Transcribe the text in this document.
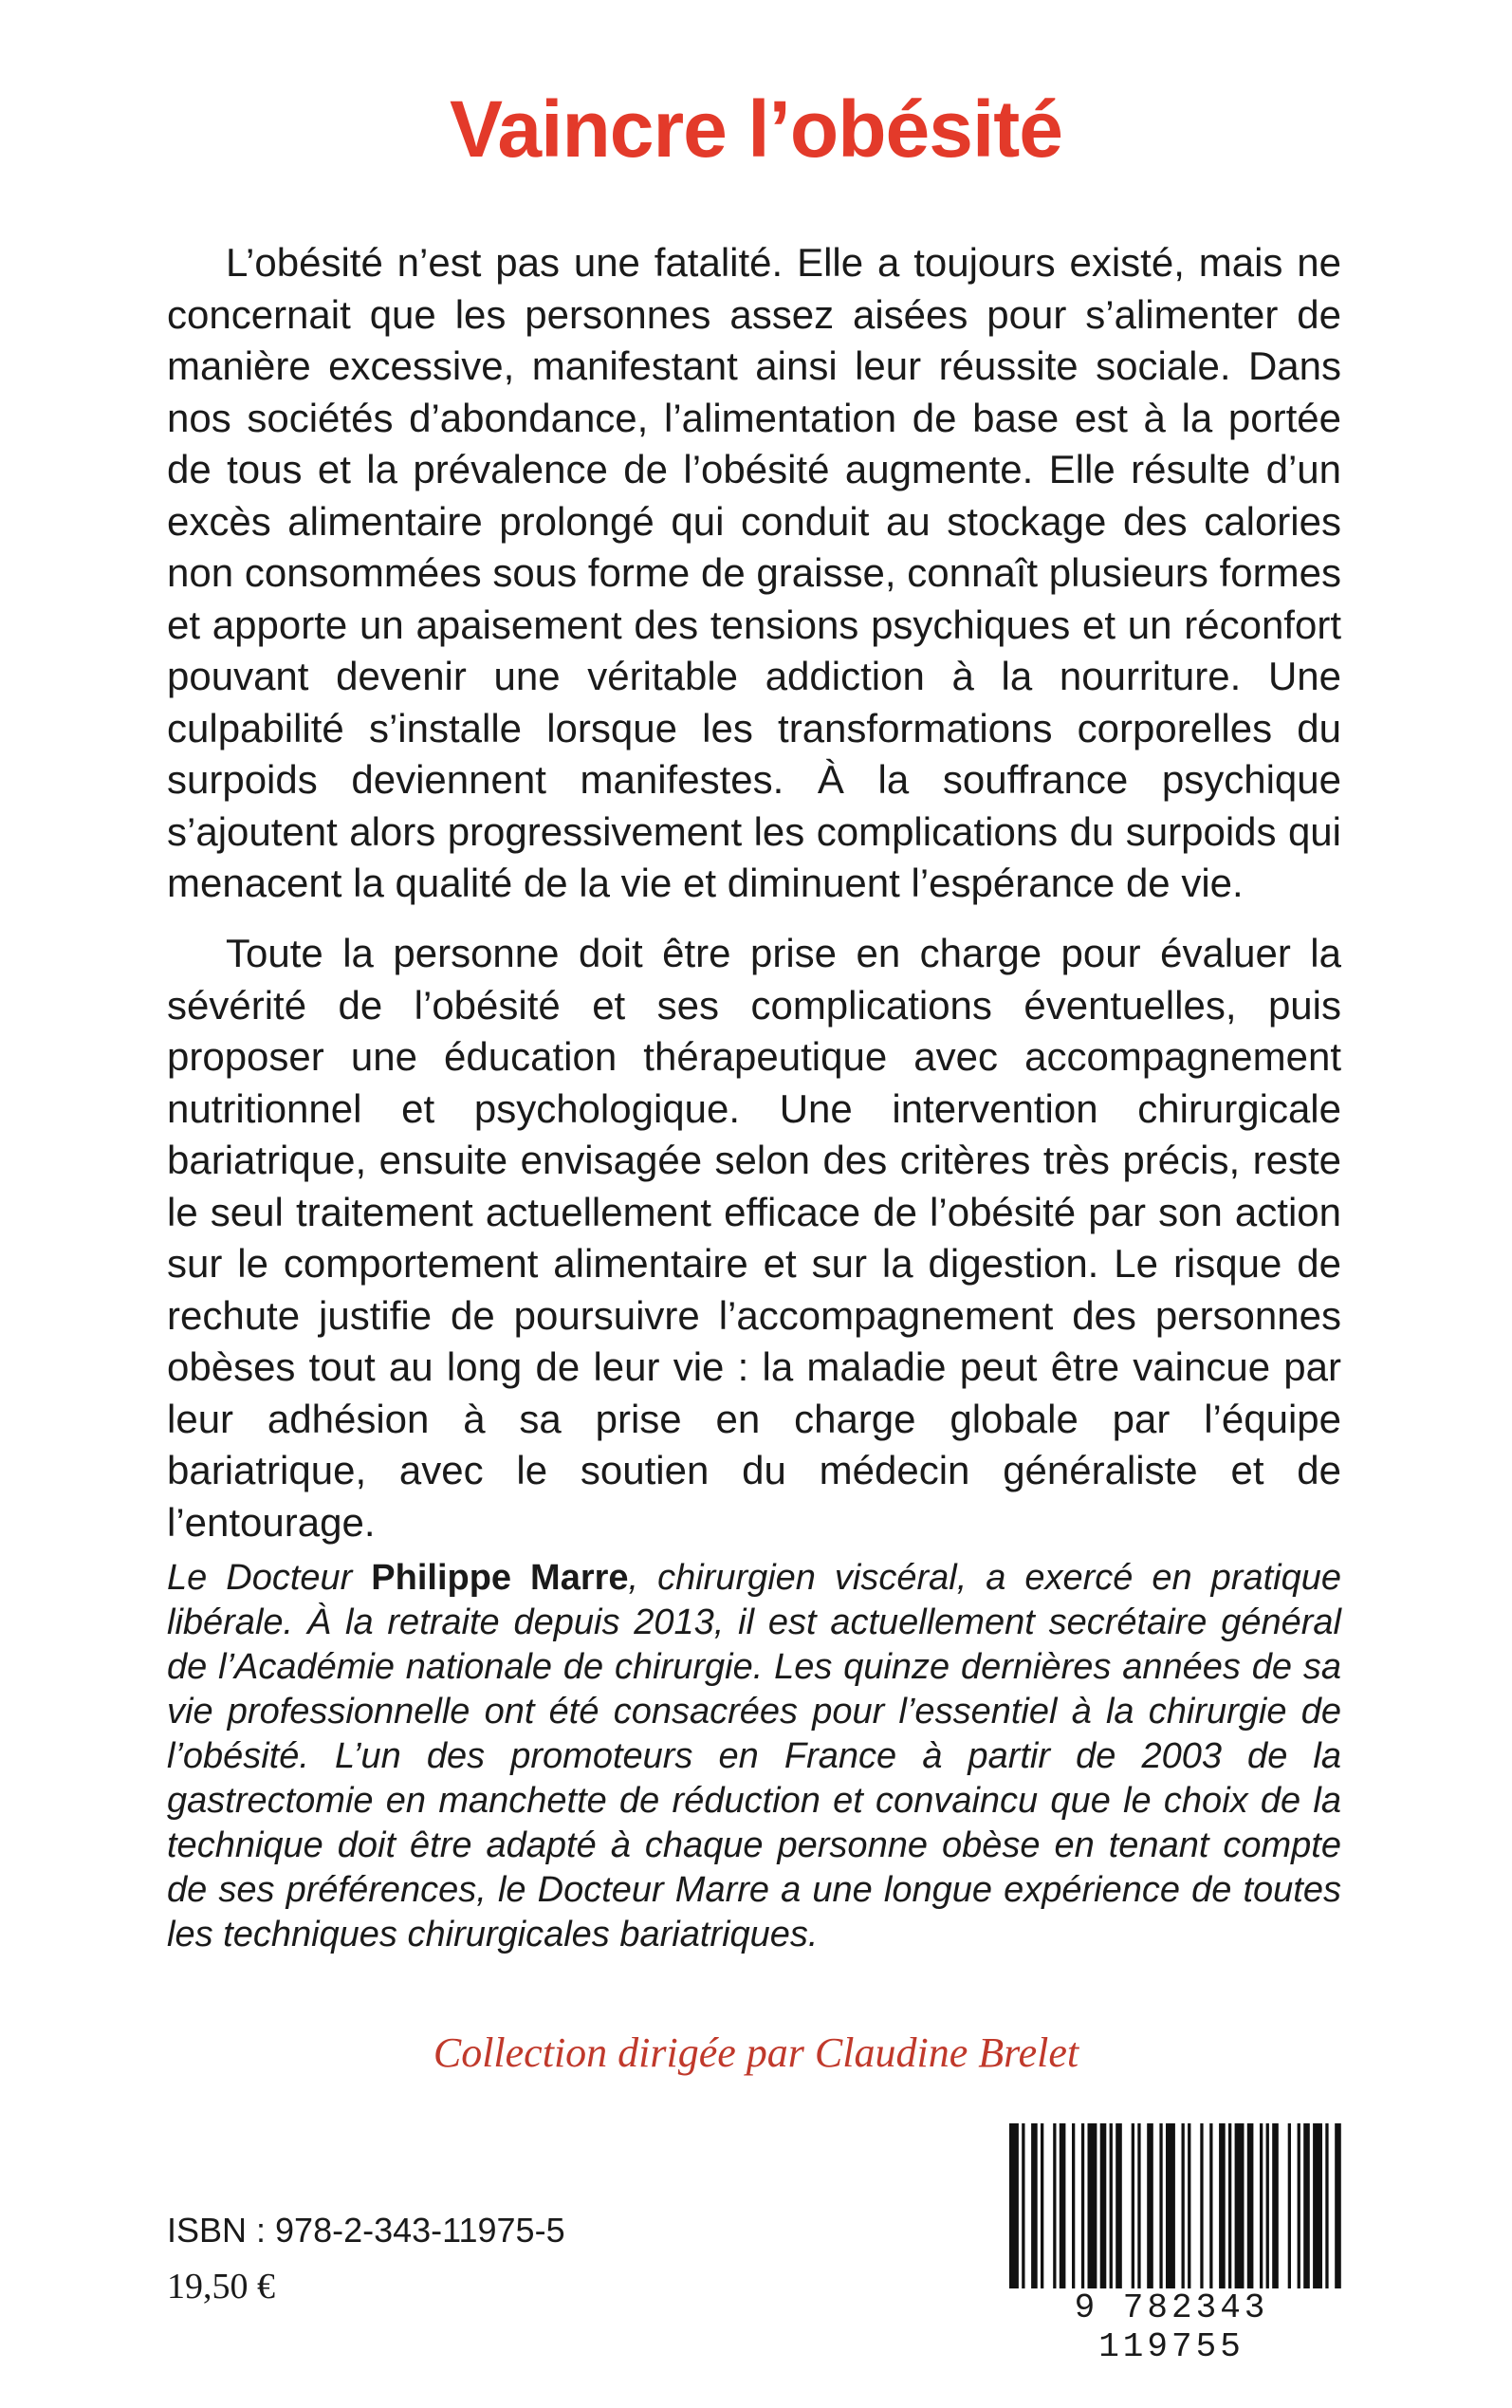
Vaincre l’obésité

L’obésité n’est pas une fatalité. Elle a toujours existé, mais ne concernait que les personnes assez aisées pour s’alimenter de manière excessive, manifestant ainsi leur réussite sociale. Dans nos sociétés d’abondance, l’alimentation de base est à la portée de tous et la prévalence de l’obésité augmente. Elle résulte d’un excès alimentaire prolongé qui conduit au stockage des calories non consommées sous forme de graisse, connaît plusieurs formes et apporte un apaisement des tensions psychiques et un réconfort pouvant devenir une véritable addiction à la nourriture. Une culpabilité s’installe lorsque les transformations corporelles du surpoids deviennent manifestes. À la souffrance psychique s’ajoutent alors progressivement les complications du surpoids qui menacent la qualité de la vie et diminuent l’espérance de vie.

Toute la personne doit être prise en charge pour évaluer la sévérité de l’obésité et ses complications éventuelles, puis proposer une éducation thérapeutique avec accompagnement nutritionnel et psychologique. Une intervention chirurgicale bariatrique, ensuite envisagée selon des critères très précis, reste le seul traitement actuellement efficace de l’obésité par son action sur le comportement alimentaire et sur la digestion. Le risque de rechute justifie de poursuivre l’accompagnement des personnes obèses tout au long de leur vie : la maladie peut être vaincue par leur adhésion à sa prise en charge globale par l’équipe bariatrique, avec le soutien du médecin généraliste et de l’entourage.

Le Docteur Philippe Marre, chirurgien viscéral, a exercé en pratique libérale. À la retraite depuis 2013, il est actuellement secrétaire général de l’Académie nationale de chirurgie. Les quinze dernières années de sa vie professionnelle ont été consacrées pour l’essentiel à la chirurgie de l’obésité. L’un des promoteurs en France à partir de 2003 de la gastrectomie en manchette de réduction et convaincu que le choix de la technique doit être adapté à chaque personne obèse en tenant compte de ses préférences, le Docteur Marre a une longue expérience de toutes les techniques chirurgicales bariatriques.

Collection dirigée par Claudine Brelet

ISBN : 978-2-343-11975-5

19,50 €

9 782343 119755
